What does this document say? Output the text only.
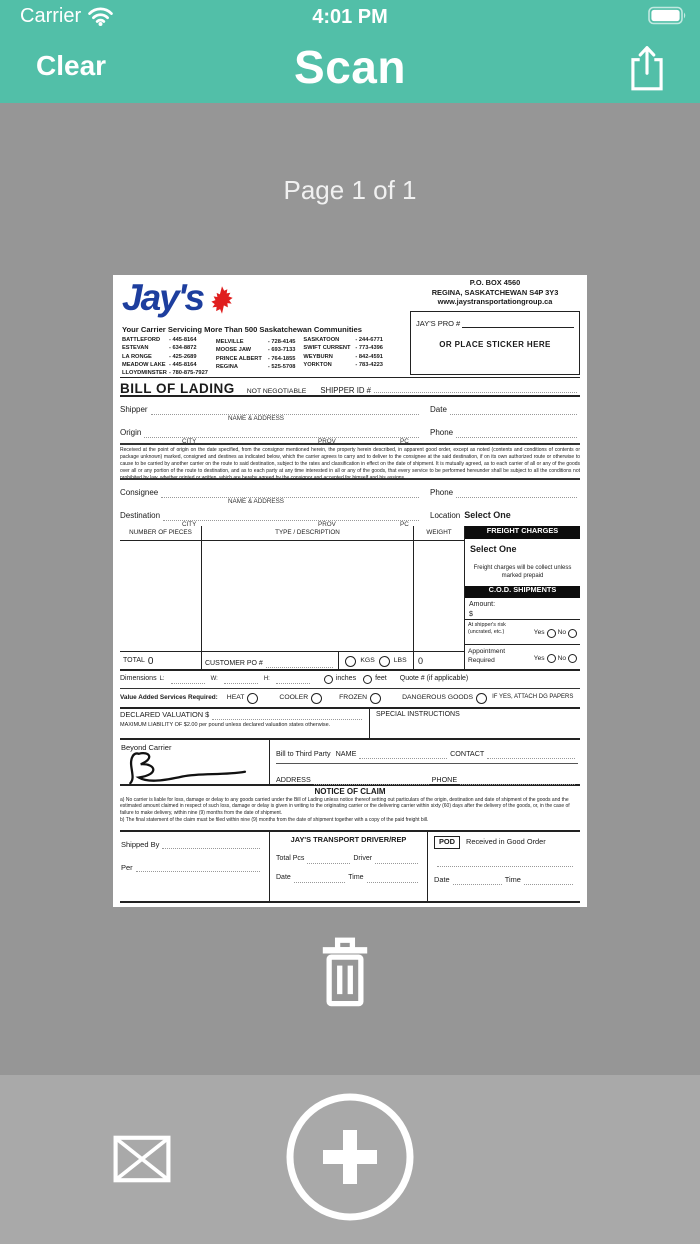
Carrier	4:01 PM
Clear	Scan
Page 1 of 1
Jay's
Your Carrier Servicing More Than 500 Saskatchewan Communities
BATTLEFORD	- 445-8164
ESTEVAN	- 634-8872
LA RONGE	- 425-2689
MEADOW LAKE - 445-8164
LLOYDMINSTER - 780-875-7927
MELVILLE	- 728-4145
MOOSE JAW	- 693-7133
PRINCE ALBERT	- 764-1855
REGINA	- 525-5708
SASKATOON	- 244-6771
SWIFT CURRENT - 773-4396
WEYBURN	- 842-4591
YORKTON	- 783-4223
P.O. BOX 4560
REGINA, SASKATCHEWAN S4P 3Y3
www.jaystransportationgroup.ca
JAY'S PRO #
OR PLACE STICKER HERE
BILL OF LADING NOT NEGOTIABLE SHIPPER ID #
Shipper	Date
NAME & ADDRESS
Origin	Phone
CITY	PROV	PC
Received at the point of origin on the date specified, from the consignor mentioned herein, the property herein described, in apparent good order, except as noted (contents and conditions of contents or package unknown) marked, consigned and destines as indicated below, which the carrier agrees to carry and to deliver to the consignee at the said destination, if on its own authorized route or otherwise to cause to be carried by another carrier on the route to said destination, subject to the rates and classification in effect on the date of shipment. It is mutually agreed, as to each carrier of all or any of the goods over all or any portion of the route to destination, and as to each party at any time interested in all or any of the goods, that every service to be performed hereunder shall be subject to all the conditions not prohibited by law, whether printed or written, which are hereby agreed by the consignor and accepted for himself and his assigns.
Consignee	Phone
NAME & ADDRESS
Destination	Location Select One
CITY	PROV	PC
NUMBER OF PIECES	TYPE / DESCRIPTION	WEIGHT
TOTAL 0	CUSTOMER PO #	KGS	LBS	0
FREIGHT CHARGES
Select One
Freight charges will be collect unless marked prepaid
C.O.D. SHIPMENTS
Amount:
$
At shipper's risk (uncrated, etc.)	Yes No
Appointment Required	Yes No
Dimensions L:	W:	H:	inches	feet Quote # (if applicable)
Value Added Services Required: HEAT	COOLER	FROZEN	DANGEROUS GOODS	IF YES, ATTACH DG PAPERS
DECLARED VALUATION $
MAXIMUM LIABILITY OF $2.00 per pound unless declared valuation states otherwise.
SPECIAL INSTRUCTIONS
Beyond Carrier
Bill to Third Party NAME	CONTACT
ADDRESS	PHONE
NOTICE OF CLAIM
a) No carrier is liable for loss, damage or delay to any goods carried under the Bill of Lading unless notice thereof setting out particulars of the origin, destination and date of shipment of the goods and the estimated amount claimed in respect of such loss, damage or delay is given in writing to the originating carrier or the delivering carrier within sixty (60) days after the delivery of the goods, or, in the case of failure to make delivery, within nine (9) months from the date of shipment.
b) The final statement of the claim must be filed within nine (9) months from the date of shipment together with a copy of the paid freight bill.
Shipped By
Per
JAY'S TRANSPORT DRIVER/REP
Total Pcs	Driver
Date	Time
POD	Received in Good Order
Date	Time
